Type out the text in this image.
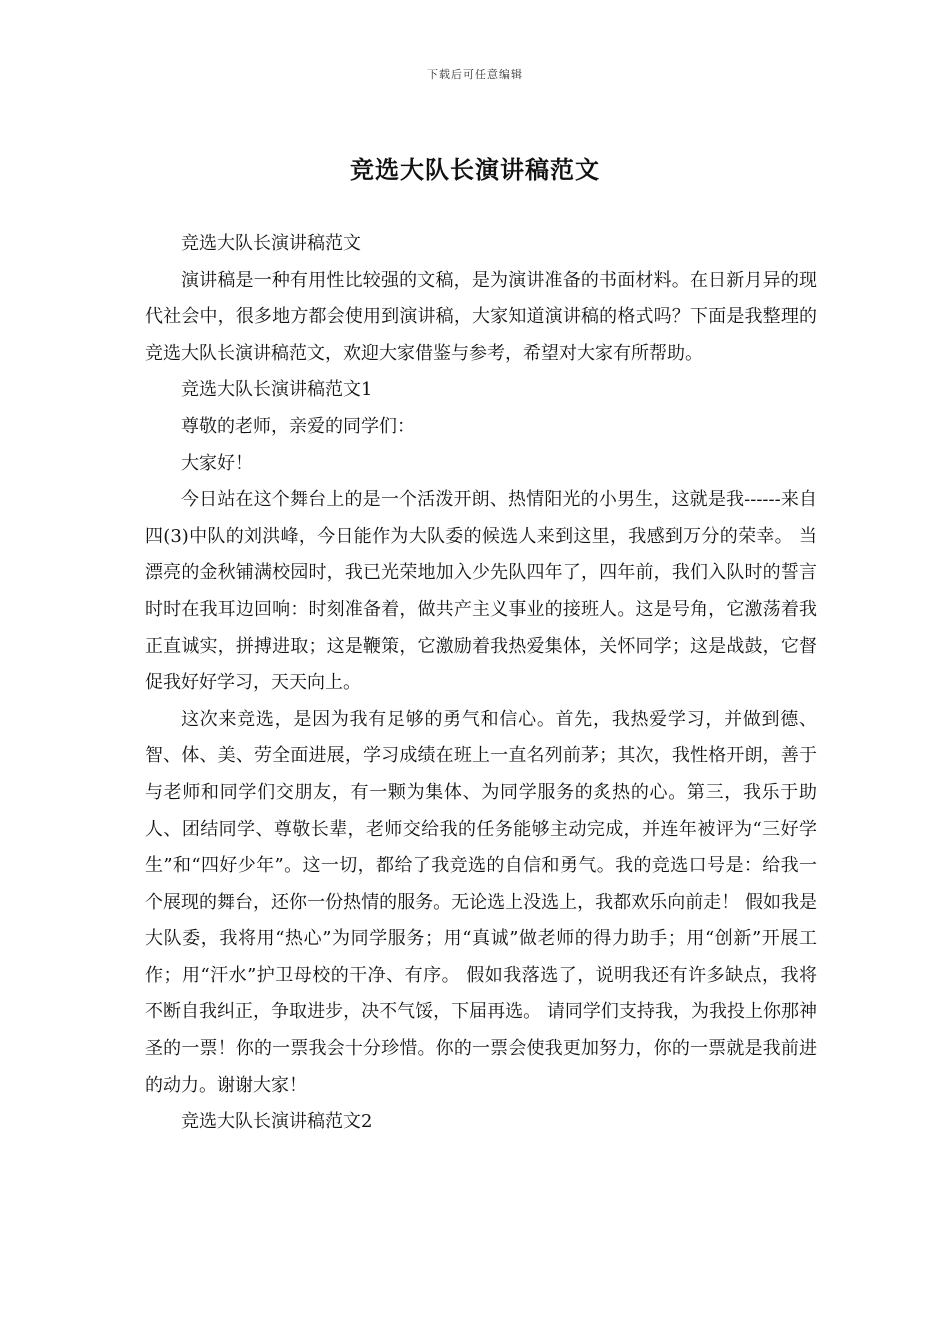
下载后可任意编辑
竞选大队长演讲稿范文

竞选大队长演讲稿范文

演讲稿是一种有用性比较强的文稿，是为演讲准备的书面材料。在日新月异的现代社会中，很多地方都会使用到演讲稿，大家知道演讲稿的格式吗？下面是我整理的竞选大队长演讲稿范文，欢迎大家借鉴与参考，希望对大家有所帮助。

竞选大队长演讲稿范文1

尊敬的老师，亲爱的同学们：

大家好！

今日站在这个舞台上的是一个活泼开朗、热情阳光的小男生，这就是我------来自四(3)中队的刘洪峰，今日能作为大队委的候选人来到这里，我感到万分的荣幸。 当漂亮的金秋铺满校园时，我已光荣地加入少先队四年了，四年前，我们入队时的誓言时时在我耳边回响：时刻准备着，做共产主义事业的接班人。这是号角，它激荡着我正直诚实，拼搏进取；这是鞭策，它激励着我热爱集体，关怀同学；这是战鼓，它督促我好好学习，天天向上。

这次来竞选，是因为我有足够的勇气和信心。首先，我热爱学习，并做到德、智、体、美、劳全面进展，学习成绩在班上一直名列前茅；其次，我性格开朗，善于与老师和同学们交朋友，有一颗为集体、为同学服务的炙热的心。第三，我乐于助人、团结同学、尊敬长辈，老师交给我的任务能够主动完成，并连年被评为“三好学生”和“四好少年”。这一切，都给了我竞选的自信和勇气。我的竞选口号是：给我一个展现的舞台，还你一份热情的服务。无论选上没选上，我都欢乐向前走！ 假如我是大队委，我将用“热心”为同学服务；用“真诚”做老师的得力助手；用“创新”开展工作；用“汗水”护卫母校的干净、有序。 假如我落选了，说明我还有许多缺点，我将不断自我纠正，争取进步，决不气馁，下届再选。 请同学们支持我，为我投上你那神圣的一票！你的一票我会十分珍惜。你的一票会使我更加努力，你的一票就是我前进的动力。谢谢大家！

竞选大队长演讲稿范文2
